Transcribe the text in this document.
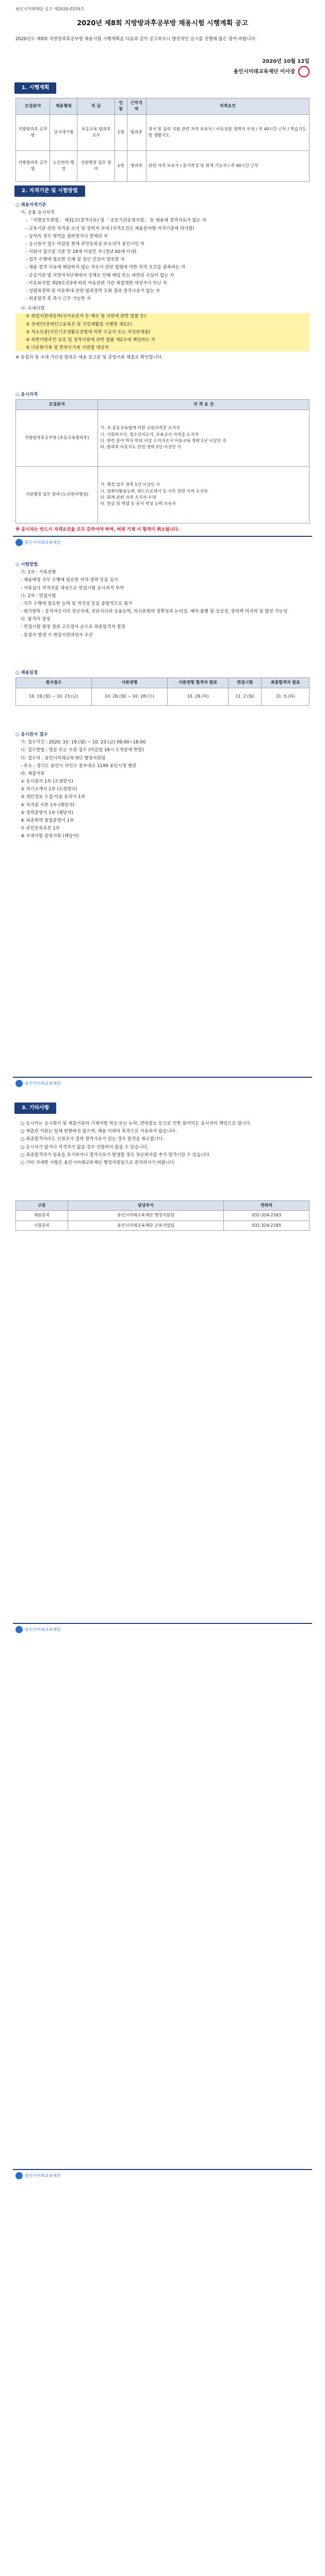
용인시미래재단 공고 제2020-0135호
2020년 제8회 지방방과후공부방 채용시험 시행계획 공고
2020년도 제8회 지방방과후공부방 채용시험 시행계획을 다음과 같이 공고하오니 발전적인 응시를 진행해 많은 참여 바랍니다.
2020년 10월 12일
용인시미래교육재단 이사장
1. 시행계획
모집분야	채용형태	직 급	인원	근무지역	자격요건
지방방과후 공부방	상시대기형	초등교육 방과후교사	1명	방과후	정서 및 심리 지원 관련 자격 보유자 / 아동상담 경력자 우대 / 주 40시간 근무 / 학습지도 및 생활지도
지방방과후 공부방	노인편의 행정	지원행정 업무 참여	1명	방과후	관련 자격 보유자 / 문서작성 및 회계 가능자 / 주 40시간 근무
2. 자격기준 및 시험방법

○ 채용자격기준

가. 공통 응시자격

- 「지방공무원법」 제31조(결격사유) 및 「공공기관운영지침」 등 채용에 결격사유가 없는 자

- 교육기관 관련 자격증 소지 및 경력자 우대 (자격요건은 채용분야별 자격기준에 의거함)

- 남자의 경우 병역을 필하였거나 면제된 자

- 응시원서 접수 마감일 현재 주민등록상 주소지가 용인시인 자

- 지원서 접수일 기준 만 18세 이상인 자 (정년 60세 이내)

- 업무 수행에 필요한 신체 및 정신 건강이 양호한 자

- 채용 결격 사유에 해당하지 않는 자로서 관련 법령에 의한 자격 요건을 충족하는 자

- 공공기관 및 지방자치단체에서 징계로 인해 해임 또는 파면된 사실이 없는 자

- 아동복지법 제29조의3에 따른 아동관련 기관 취업제한 대상자가 아닌 자

- 성범죄경력 및 아동학대 관련 범죄경력 조회 결과 결격사유가 없는 자

- 최종합격 후 즉시 근무 가능한 자

나. 우대사항

① 취업지원대상자(국가유공자 등 예우 및 지원에 관한 법률 등)

② 장애인(장애인고용촉진 및 직업재활법 시행령 제3조)

③ 저소득층(국민기초생활보장법에 의한 수급자 또는 차상위계층)

④ 북한이탈주민 보호 및 정착지원에 관한 법률 제2조에 해당하는 자

⑤ 다문화가족 및 한부모가족 지원법 대상자

※ 동점자 및 우대 가산점 항목은 채용 공고문 및 증빙서류 제출로 확인합니다.

○ 응시자격

모집분야	자 격 요 건
지방방과후공부방 (초등교육방과후)	가. 초·중등교육법에 의한 교원자격증 소지자
나. 사회복지사, 청소년지도사, 보육교사 자격증 소지자
다. 관련 분야 학사 학위 이상 소지자로서 아동교육 경력 1년 이상인 자
라. 방과후 아동지도 관련 경력 2년 이상인 자
지원행정 업무 참여 (노인편의행정)	가. 행정 업무 경력 1년 이상인 자
나. 컴퓨터활용능력, 워드프로세서 등 사무 관련 자격 소지자
다. 회계 관련 자격 소지자 우대
라. 한글 및 엑셀 등 문서 작성 능력 보유자

※ 응시자는 반드시 자격요건을 모두 갖추어야 하며, 허위 기재 시 합격이 취소됩니다.

용인시미래교육재단

○ 시험방법

가. 1차 : 서류전형

- 채용예정 직무 수행에 필요한 자격·경력 등을 심사

- 서류심사 적격자를 대상으로 면접시험 응시자격 부여

나. 2차 : 면접시험

- 직무 수행에 필요한 능력 및 적격성 등을 종합적으로 평가

- 평가항목 : 공직자로서의 정신자세, 전문지식과 응용능력, 의사표현의 정확성과 논리성, 예의·품행 및 성실성, 창의력·의지력 및 발전 가능성

다. 합격자 결정

- 면접시험 평정 결과 고득점자 순으로 최종합격자 결정

- 동점자 발생 시 취업지원대상자 우선

○ 채용일정

원서접수	서류전형	서류전형 합격자 발표	면접시험	최종합격자 발표
10. 19.(월) ~ 10. 23.(금)	10. 26.(월) ~ 10. 28.(수)	10. 29.(목)	11. 2.(월)	11. 5.(목)

○ 응시원서 접수

가. 접수기간 : 2020. 10. 19.(월) ~ 10. 23.(금) 09:00~18:00

나. 접수방법 : 방문 또는 우편 접수 (마감일 18시 도착분에 한함)

다. 접수처 : 용인시미래교육재단 행정지원팀

- 주소 : 경기도 용인시 처인구 중부대로 1199 용인시청 별관

라. 제출서류

① 응시원서 1부 (소정양식)

② 자기소개서 1부 (소정양식)

③ 개인정보 수집·이용 동의서 1부

④ 자격증 사본 1부 (해당자)

⑤ 경력증명서 1부 (해당자)

⑥ 최종학력 졸업증명서 1부

⑦ 주민등록초본 1부

⑧ 우대사항 증빙서류 (해당자)

용인시미래교육재단
3. 기타사항

○ 응시자는 응시원서 및 제출서류의 기재사항 착오 또는 누락, 연락불능 등으로 인한 불이익은 응시자의 책임으로 합니다.

○ 제출된 서류는 일체 반환하지 않으며, 채용 이외의 목적으로 사용하지 않습니다.

○ 최종합격자라도 신원조사 결과 결격사유가 있는 경우 합격을 취소합니다.

○ 응시자가 없거나 적격자가 없을 경우 선발하지 않을 수 있습니다.

○ 최종합격자가 임용을 포기하거나 결격사유가 발생할 경우 차순위자를 추가 합격시킬 수 있습니다.

○ 기타 자세한 사항은 용인시미래교육재단 행정지원팀으로 문의하시기 바랍니다.

구분	담당부서	연락처
채용문의	용인시미래교육재단 행정지원팀	031-324-2163
시험문의	용인시미래교육재단 교육사업팀	031-324-2165
용인시미래교육재단
용인시미래교육재단
